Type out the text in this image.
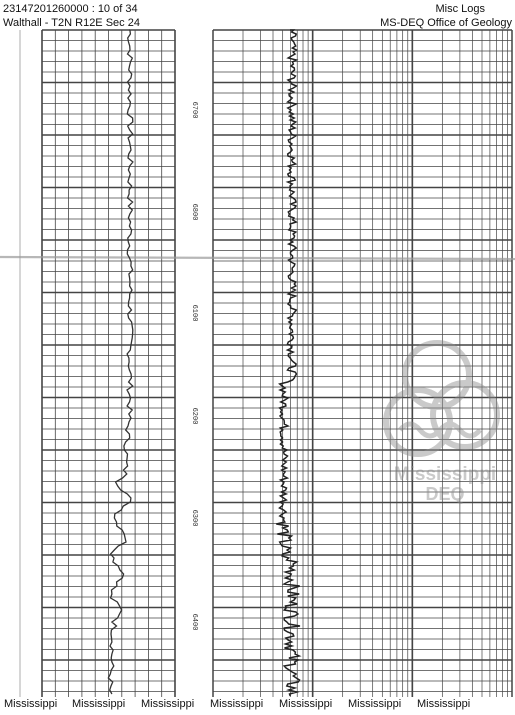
6700
6800
6100
6200
6300
6400
Mississippi
DEQ
23147201260000 : 10 of 34
Walthall - T2N R12E Sec 24
Misc Logs
MS-DEQ Office of Geology
Mississippi Mississippi Mississippi Mississippi Mississippi Mississippi Mississippi
